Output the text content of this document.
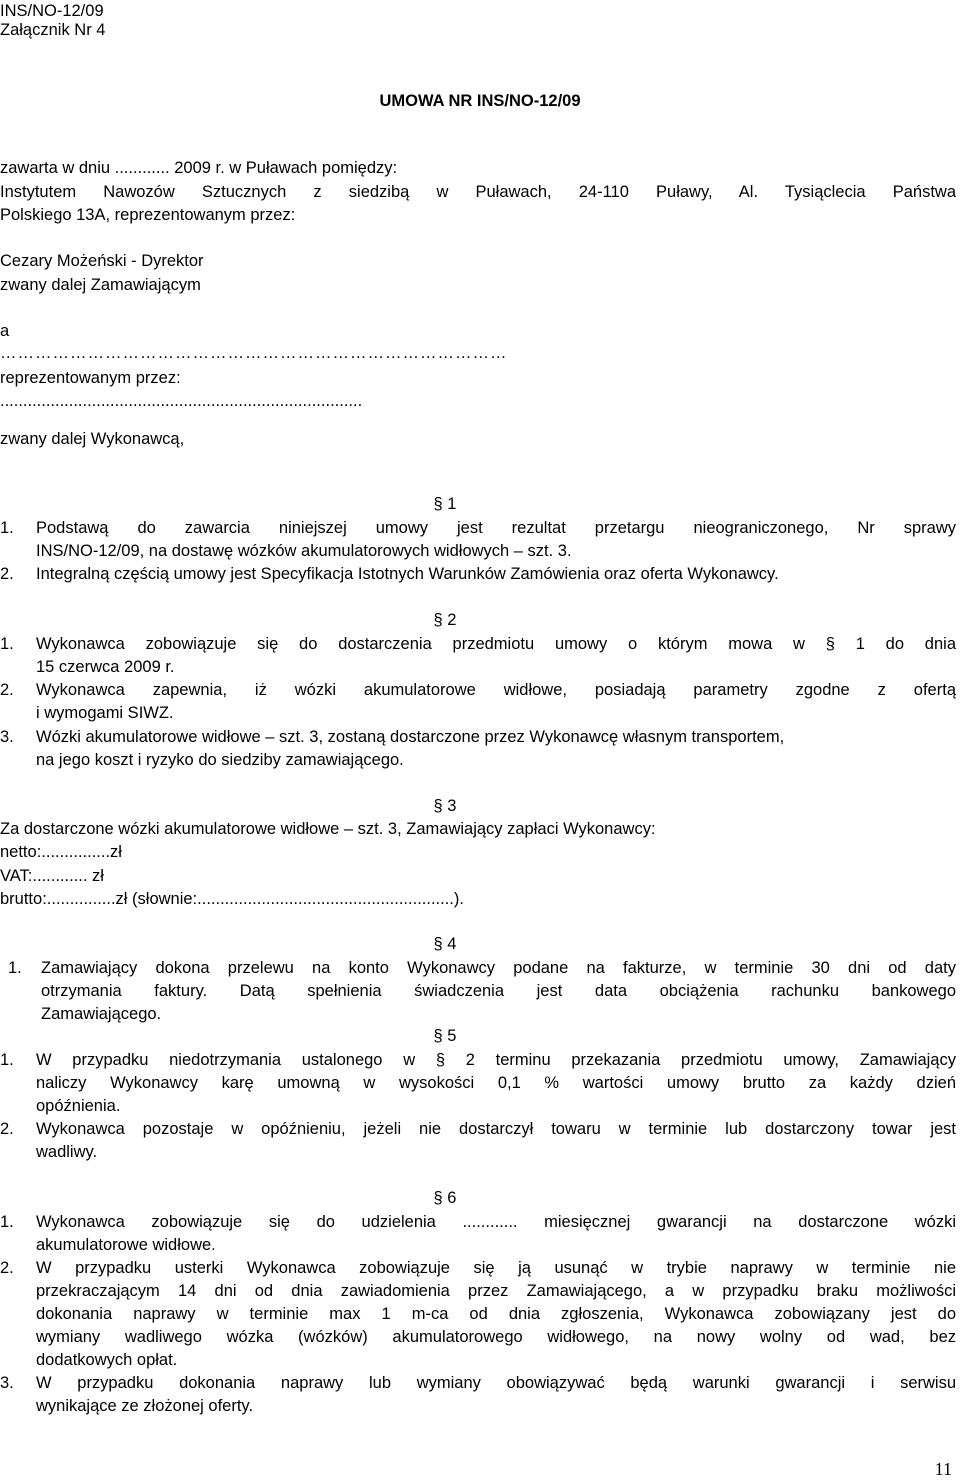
INS/NO-12/09
Załącznik Nr 4
UMOWA NR INS/NO-12/09
zawarta w dniu ............ 2009 r. w Puławach pomiędzy:
Instytutem Nawozów Sztucznych z siedzibą w Puławach, 24-110 Puławy, Al. Tysiąclecia Państwa
Polskiego 13A, reprezentowanym przez:
Cezary Możeński - Dyrektor
zwany dalej Zamawiającym
a
……………………………………………………………………………
reprezentowanym przez:
...............................................................................
zwany dalej Wykonawcą,
§ 1
1. Podstawą do zawarcia niniejszej umowy jest rezultat przetargu nieograniczonego, Nr sprawy
INS/NO-12/09, na dostawę wózków akumulatorowych widłowych – szt. 3.
2. Integralną częścią umowy jest Specyfikacja Istotnych Warunków Zamówienia oraz oferta Wykonawcy.
§ 2
1. Wykonawca zobowiązuje się do dostarczenia przedmiotu umowy o którym mowa w § 1 do dnia
15 czerwca 2009 r.
2. Wykonawca zapewnia, iż wózki akumulatorowe widłowe, posiadają parametry zgodne z ofertą
i wymogami SIWZ.
3. Wózki akumulatorowe widłowe – szt. 3, zostaną dostarczone przez Wykonawcę własnym transportem,
na jego koszt i ryzyko do siedziby zamawiającego.
§ 3
Za dostarczone wózki akumulatorowe widłowe – szt. 3, Zamawiający zapłaci Wykonawcy:
netto:...............zł
VAT:............ zł
brutto:...............zł (słownie:........................................................).
§ 4
1. Zamawiający dokona przelewu na konto Wykonawcy podane na fakturze, w terminie 30 dni od daty
otrzymania faktury. Datą spełnienia świadczenia jest data obciążenia rachunku bankowego
Zamawiającego.
§ 5
1. W przypadku niedotrzymania ustalonego w § 2 terminu przekazania przedmiotu umowy, Zamawiający
naliczy Wykonawcy karę umowną w wysokości 0,1 % wartości umowy brutto za każdy dzień
opóźnienia.
2. Wykonawca pozostaje w opóźnieniu, jeżeli nie dostarczył towaru w terminie lub dostarczony towar jest
wadliwy.
§ 6
1. Wykonawca zobowiązuje się do udzielenia ............ miesięcznej gwarancji na dostarczone wózki
akumulatorowe widłowe.
2. W przypadku usterki Wykonawca zobowiązuje się ją usunąć w trybie naprawy w terminie nie
przekraczającym 14 dni od dnia zawiadomienia przez Zamawiającego, a w przypadku braku możliwości
dokonania naprawy w terminie max 1 m-ca od dnia zgłoszenia, Wykonawca zobowiązany jest do
wymiany wadliwego wózka (wózków) akumulatorowego widłowego, na nowy wolny od wad, bez
dodatkowych opłat.
3. W przypadku dokonania naprawy lub wymiany obowiązywać będą warunki gwarancji i serwisu
wynikające ze złożonej oferty.
11
